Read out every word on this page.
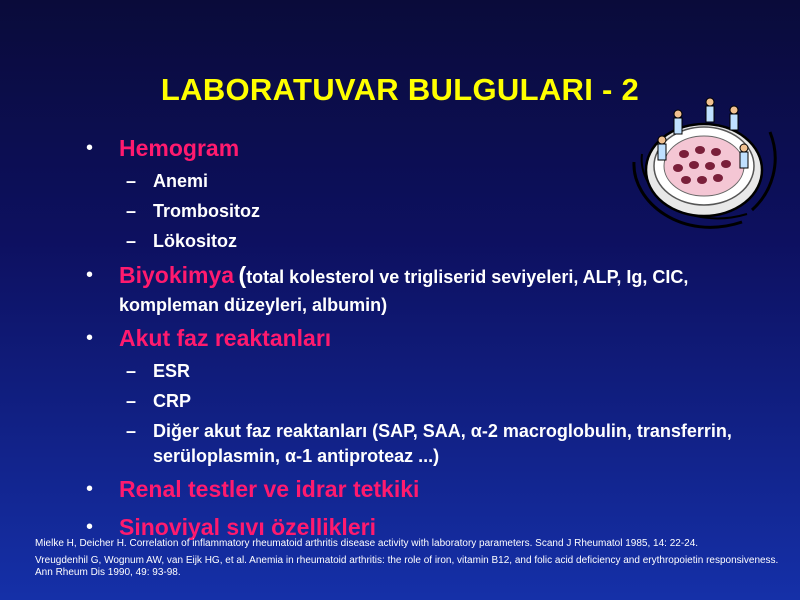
LABORATUVAR BULGULARI - 2
• Hemogram
– Anemi
– Trombositoz
– Lökositoz
• Biyokimya (total kolesterol ve trigliserid seviyeleri, ALP, Ig, CIC, kompleman düzeyleri, albumin)
• Akut faz reaktanları
– ESR
– CRP
– Diğer akut faz reaktanları (SAP, SAA, α-2 macroglobulin, transferrin, serüloplasmin, α-1 antiproteaz ...)
• Renal testler ve idrar tetkiki
• Sinoviyal sıvı özellikleri

Mielke H, Deicher H. Correlation of inflammatory rheumatoid arthritis disease activity with laboratory parameters. Scand J Rheumatol 1985, 14: 22-24.

Vreugdenhil G, Wognum AW, van Eijk HG, et al. Anemia in rheumatoid arthritis: the role of iron, vitamin B12, and folic acid deficiency and erythropoietin responsiveness. Ann Rheum Dis 1990, 49: 93-98.
